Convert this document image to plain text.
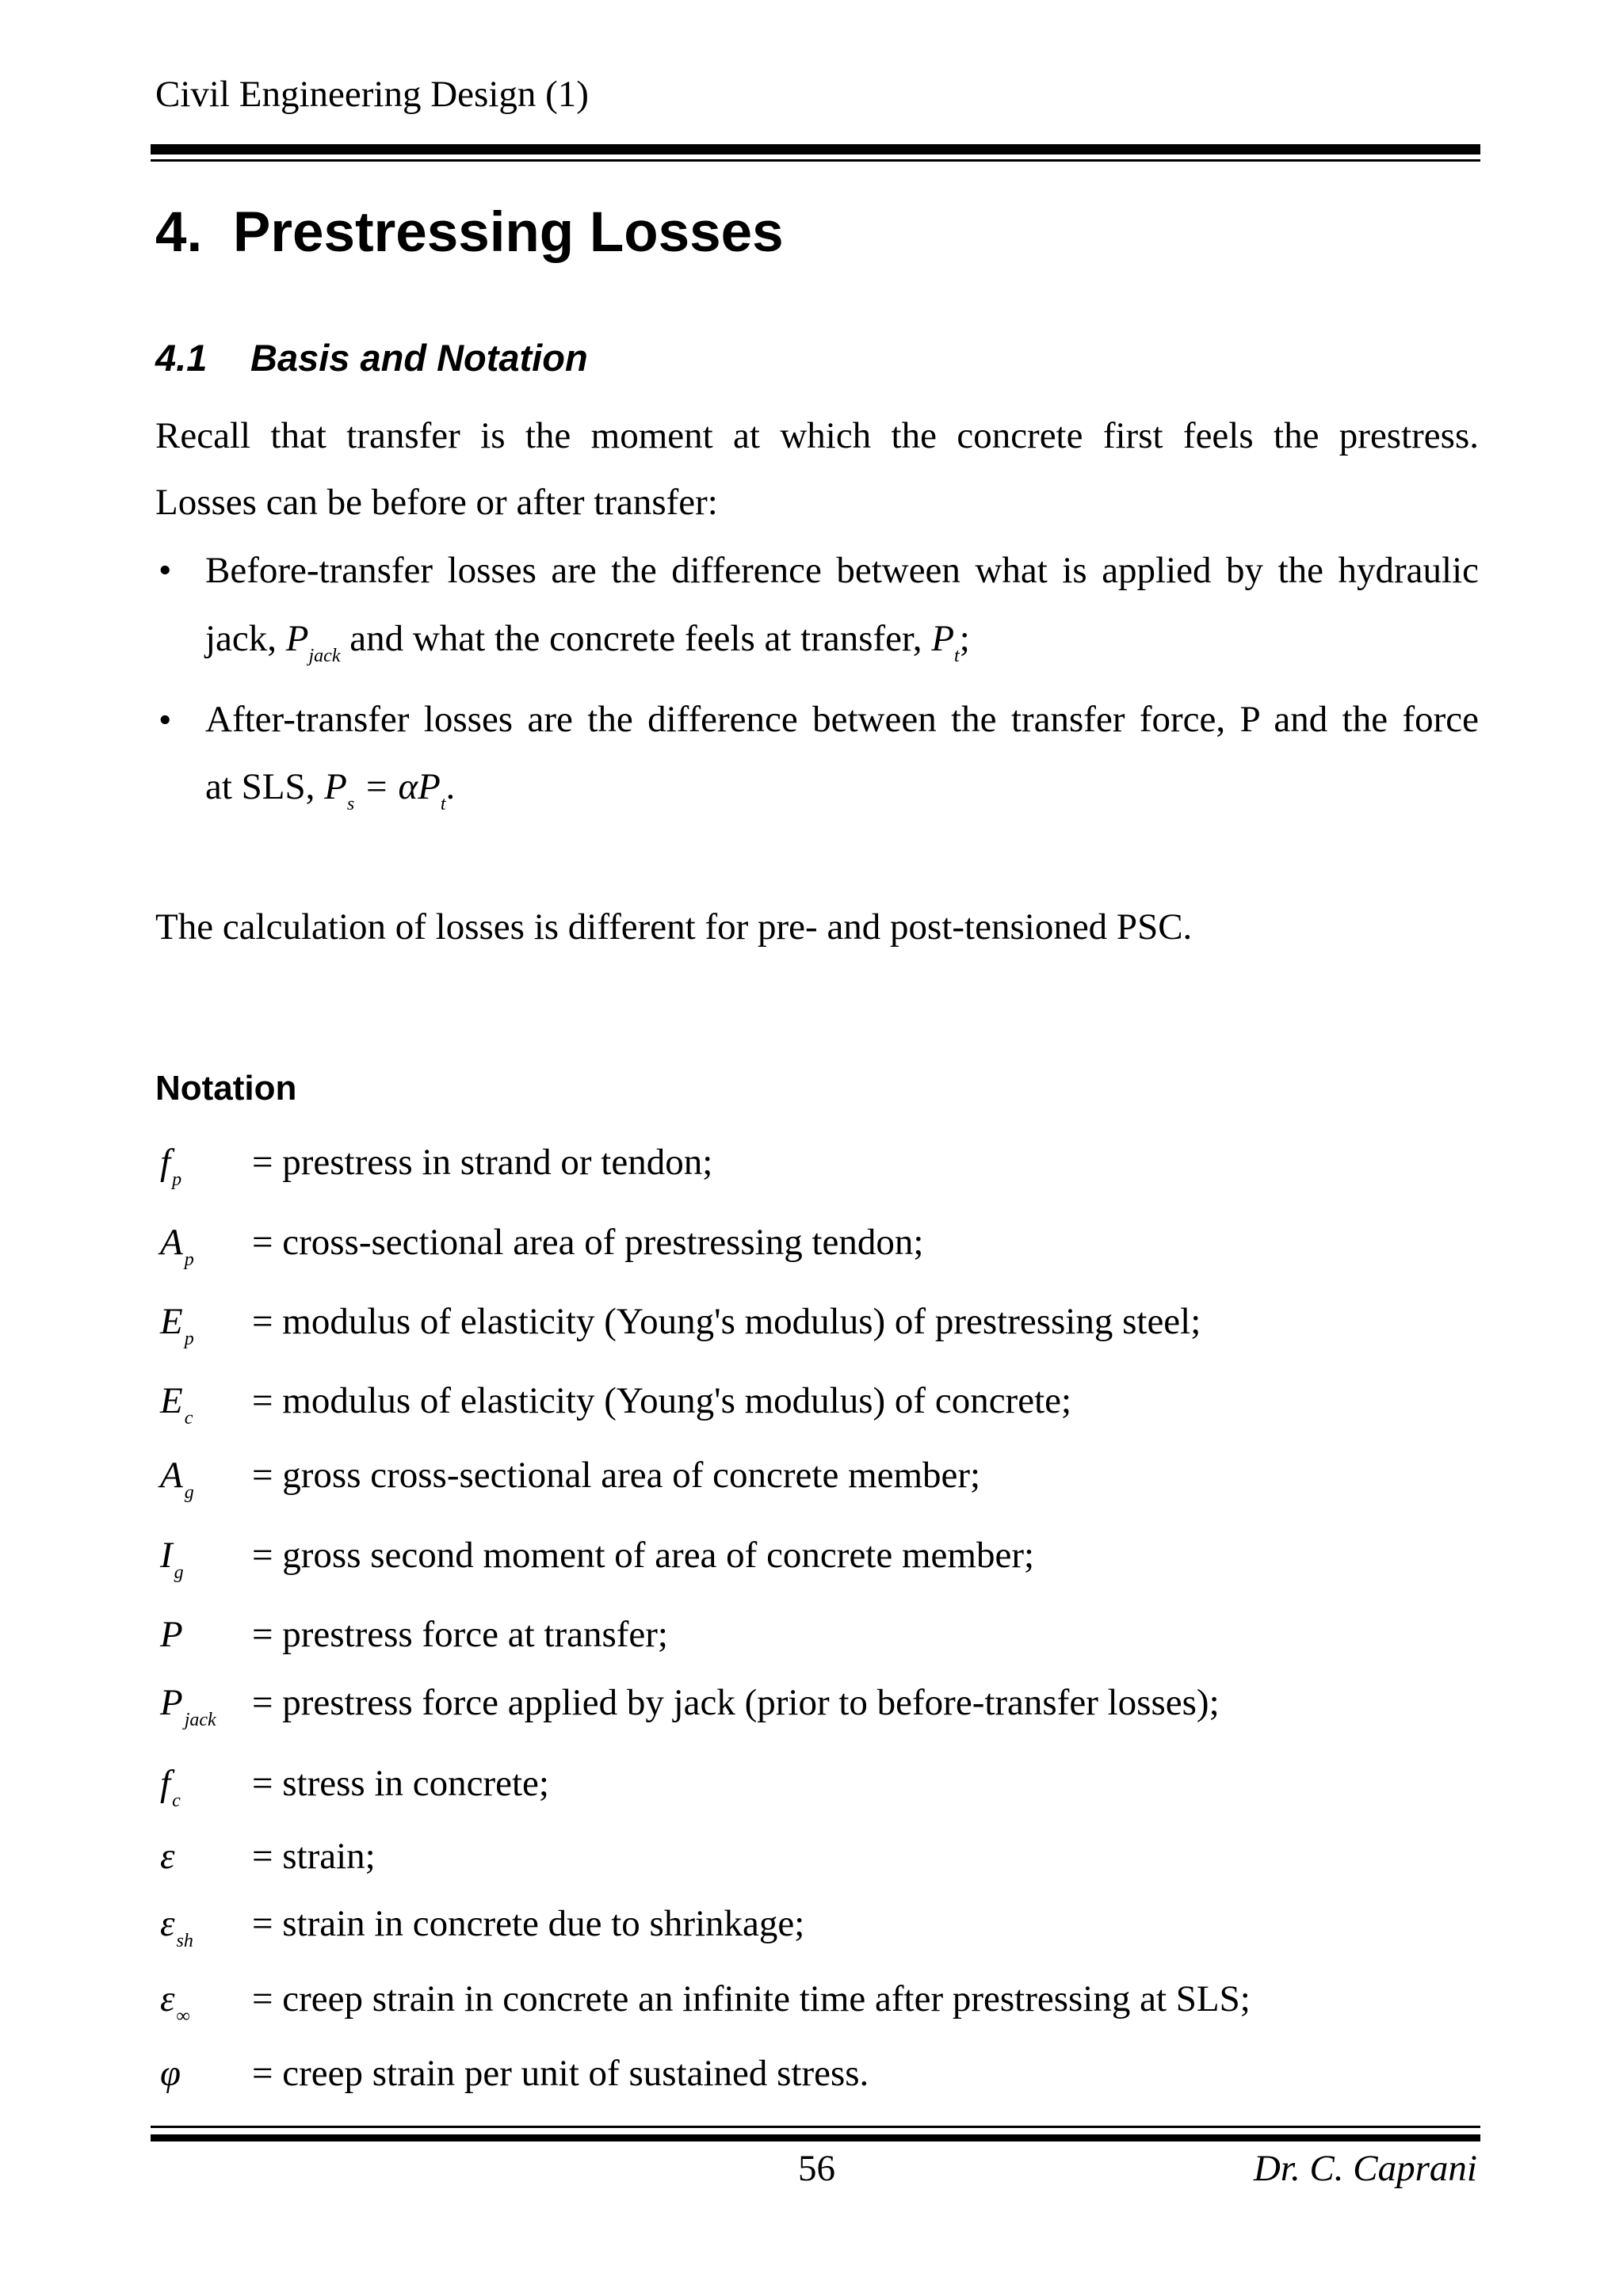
Civil Engineering Design (1)
4. Prestressing Losses
4.1 Basis and Notation
Recall that transfer is the moment at which the concrete first feels the prestress.
Losses can be before or after transfer:
• Before-transfer losses are the difference between what is applied by the hydraulic
jack, $P_{jack}$ and what the concrete feels at transfer, $P_t$;
• After-transfer losses are the difference between the transfer force, P and the force
at SLS, $P_s = \alpha P_t$.
The calculation of losses is different for pre- and post-tensioned PSC.
Notation
$f_p$ = prestress in strand or tendon;
$A_p$ = cross-sectional area of prestressing tendon;
$E_p$ = modulus of elasticity (Young's modulus) of prestressing steel;
$E_c$ = modulus of elasticity (Young's modulus) of concrete;
$A_g$ = gross cross-sectional area of concrete member;
$I_g$ = gross second moment of area of concrete member;
P = prestress force at transfer;
$P_{jack}$ = prestress force applied by jack (prior to before-transfer losses);
$f_c$ = stress in concrete;
ε = strain;
$\varepsilon_{sh}$ = strain in concrete due to shrinkage;
$\varepsilon_\infty$ = creep strain in concrete an infinite time after prestressing at SLS;
φ = creep strain per unit of sustained stress.
56	Dr. C. Caprani
